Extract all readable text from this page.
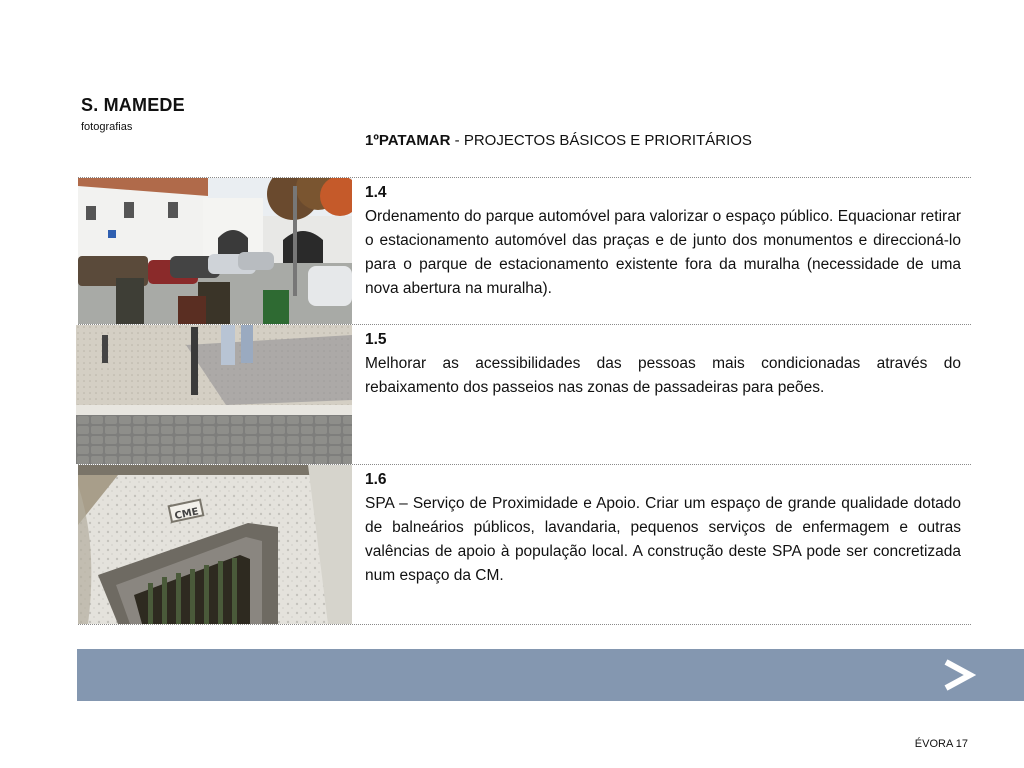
S. MAMEDE
fotografias
1ºPATAMAR - PROJECTOS BÁSICOS E PRIORITÁRIOS
1.4
Ordenamento do parque automóvel para valorizar o espaço público. Equacionar retirar o estacionamento automóvel das praças e de junto dos monumentos e direccioná-lo para o parque de estacionamento existente fora da muralha (necessidade de uma nova abertura na muralha).
1.5
Melhorar as acessibilidades das pessoas mais condicionadas através do rebaixamento dos passeios nas zonas de passadeiras para peões.
CME
1.6
SPA – Serviço de Proximidade e Apoio. Criar um espaço de grande qualidade dotado de balneários públicos, lavandaria, pequenos serviços de enfermagem e outras valências de apoio à população local. A construção deste SPA pode ser concretizada num espaço da CM.
ÉVORA 17
